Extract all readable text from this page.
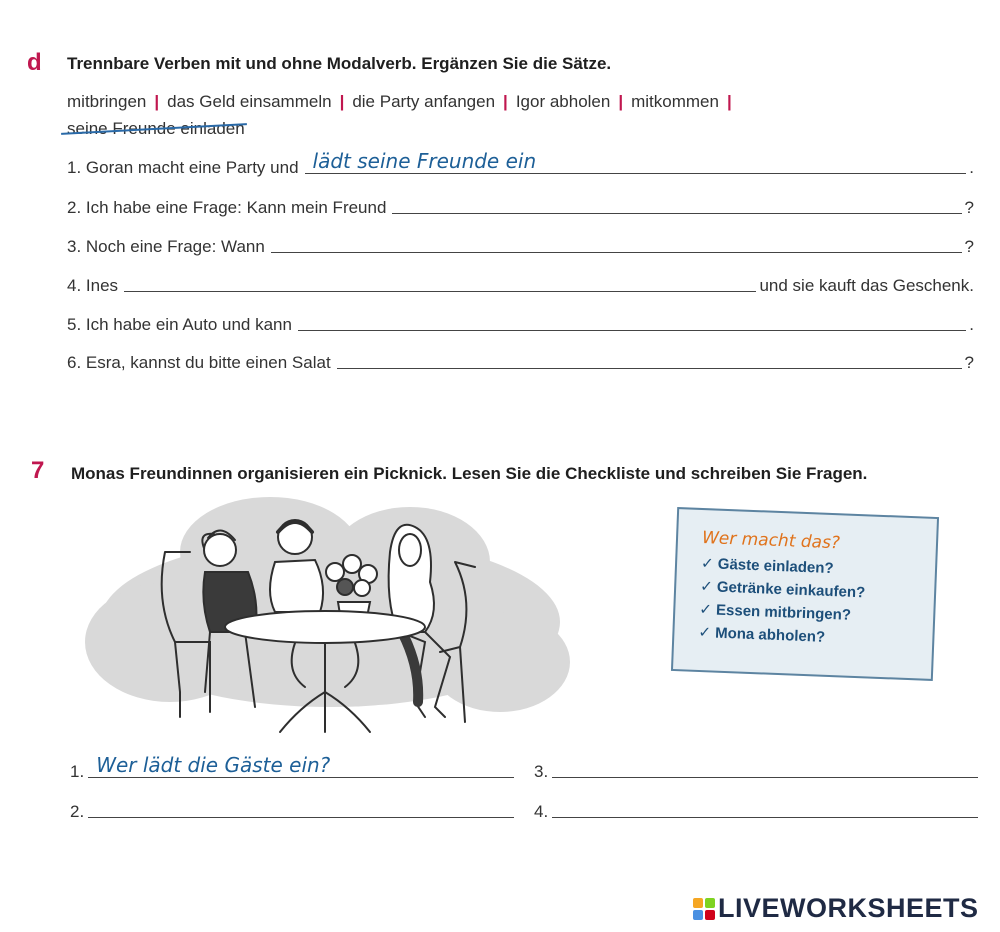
d Trennbare Verben mit und ohne Modalverb. Ergänzen Sie die Sätze.
mitbringen | das Geld einsammeln | die Party anfangen | Igor abholen | mitkommen |
seine Freunde einladen
1. Goran macht eine Party und lädt seine Freunde ein	.
2. Ich habe eine Frage: Kann mein Freund	?
3. Noch eine Frage: Wann	?
4. Ines	und sie kauft das Geschenk.
5. Ich habe ein Auto und kann	.
6. Esra, kannst du bitte einen Salat	?
7 Monas Freundinnen organisieren ein Picknick. Lesen Sie die Checkliste und schreiben Sie Fragen.
Wer macht das?
✓ Gäste einladen?
✓ Getränke einkaufen?
✓ Essen mitbringen?
✓ Mona abholen?
1. Wer lädt die Gäste ein?
2.
3.
4.
LIVEWORKSHEETS
